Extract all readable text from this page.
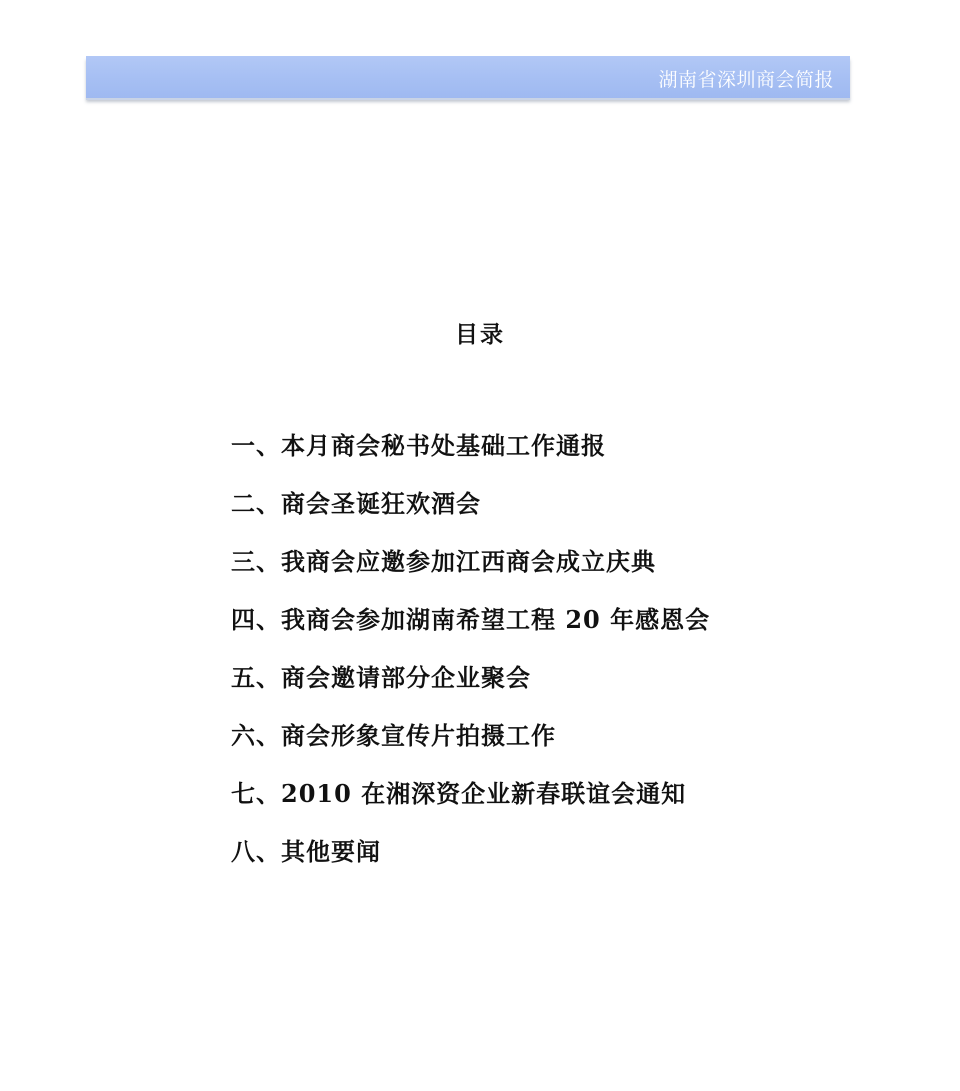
湖南省深圳商会简报
目录
一、本月商会秘书处基础工作通报
二、商会圣诞狂欢酒会
三、我商会应邀参加江西商会成立庆典
四、我商会参加湖南希望工程 20 年感恩会
五、商会邀请部分企业聚会
六、商会形象宣传片拍摄工作
七、2010 在湘深资企业新春联谊会通知
八、其他要闻
